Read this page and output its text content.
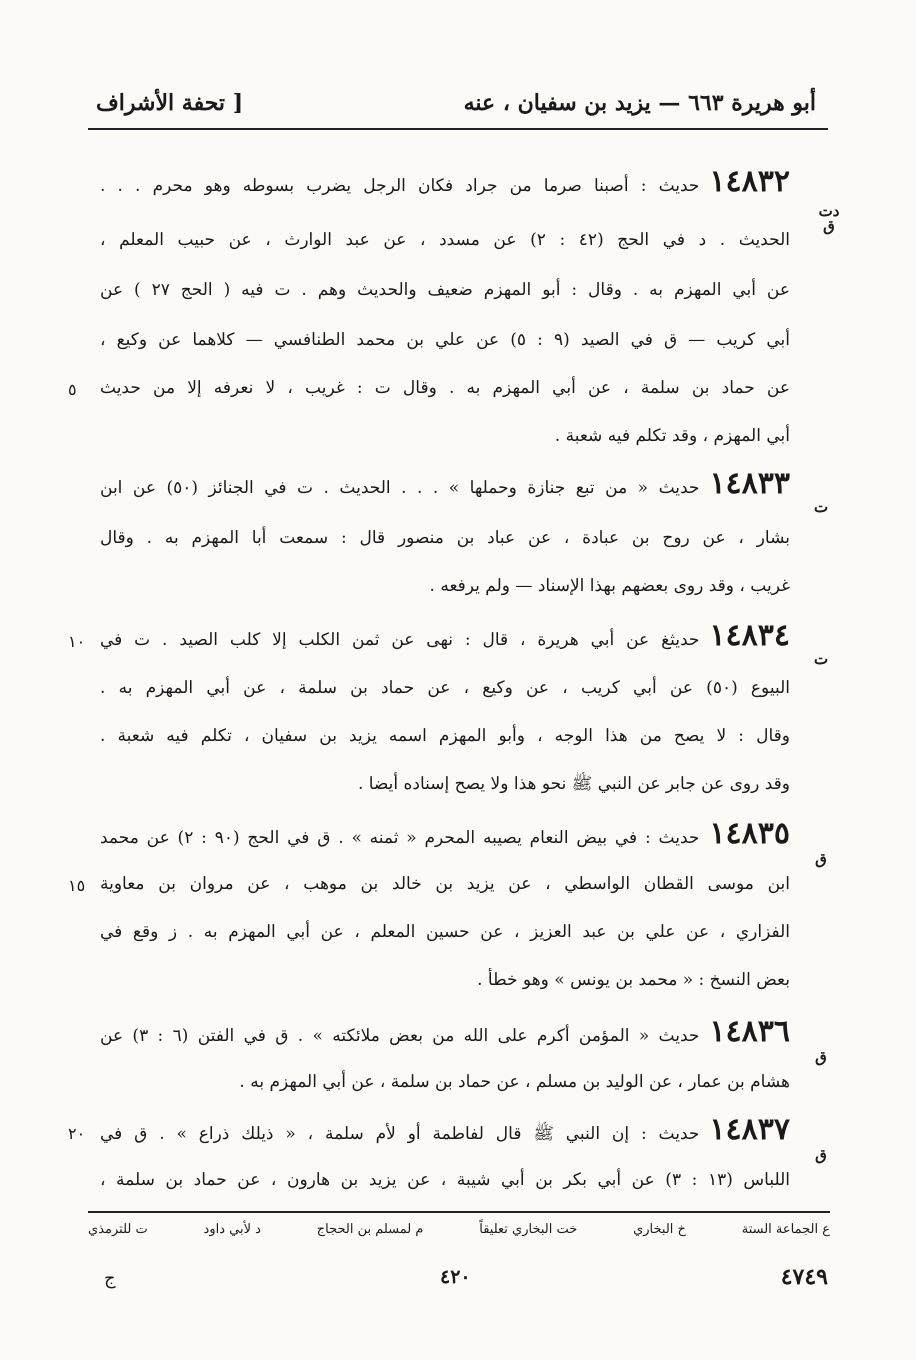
أبو هريرة ٦٦٣ — يزيد بن سفيان ، عنه
[ تحفة الأشراف
١٤٨٣٢حديث : أصبنا صرما من جراد فكان الرجل يضرب بسوطه وهو محرم . . .
دت ق
الحديث . د في الحج (٤٢ : ٢) عن مسدد ، عن عبد الوارث ، عن حبيب المعلم ،
عن أبي المهزم به . وقال : أبو المهزم ضعيف والحديث وهم . ت فيه ( الحج ٢٧ ) عن
أبي كريب — ق في الصيد (٩ : ٥) عن علي بن محمد الطنافسي — كلاهما عن وكيع ،
عن حماد بن سلمة ، عن أبي المهزم به . وقال ت : غريب ، لا نعرفه إلا من حديث
أبي المهزم ، وقد تكلم فيه شعبة .
١٤٨٣٣حديث « من تبع جنازة وحملها » . . . الحديث . ت في الجنائز (٥٠) عن ابن
ت
بشار ، عن روح بن عبادة ، عن عباد بن منصور قال : سمعت أبا المهزم به . وقال
غريب ، وقد روى بعضهم بهذا الإسناد — ولم يرفعه .
١٤٨٣٤حديثغ عن أبي هريرة ، قال : نهى عن ثمن الكلب إلا كلب الصيد . ت في
ت
البيوع (٥٠) عن أبي كريب ، عن وكيع ، عن حماد بن سلمة ، عن أبي المهزم به .
وقال : لا يصح من هذا الوجه ، وأبو المهزم اسمه يزيد بن سفيان ، تكلم فيه شعبة .
وقد روى عن جابر عن النبي ﷺ نحو هذا ولا يصح إسناده أيضا .
١٤٨٣٥حديث : في بيض النعام يصيبه المحرم « ثمنه » . ق في الحج (٩٠ : ٢) عن محمد
ق
ابن موسى القطان الواسطي ، عن يزيد بن خالد بن موهب ، عن مروان بن معاوية
الفزاري ، عن علي بن عبد العزيز ، عن حسين المعلم ، عن أبي المهزم به . ز وقع في
بعض النسخ : « محمد بن يونس » وهو خطأ .
١٤٨٣٦حديث « المؤمن أكرم على الله من بعض ملائكته » . ق في الفتن (٦ : ٣) عن
ق
هشام بن عمار ، عن الوليد بن مسلم ، عن حماد بن سلمة ، عن أبي المهزم به .
١٤٨٣٧حديث : إن النبي ﷺ قال لفاطمة أو لأم سلمة ، « ذيلك ذراع » . ق في
ق
اللباس (١٣ : ٣) عن أبي بكر بن أبي شيبة ، عن يزيد بن هارون ، عن حماد بن سلمة ،
٥
١٠
١٥
٢٠
ع الجماعة الستة
خ البخاري
خت البخاري تعليقاً
م لمسلم بن الحجاج
د لأبي داود
ت للترمذي
٤٧٤٩
٤٢٠
ج
